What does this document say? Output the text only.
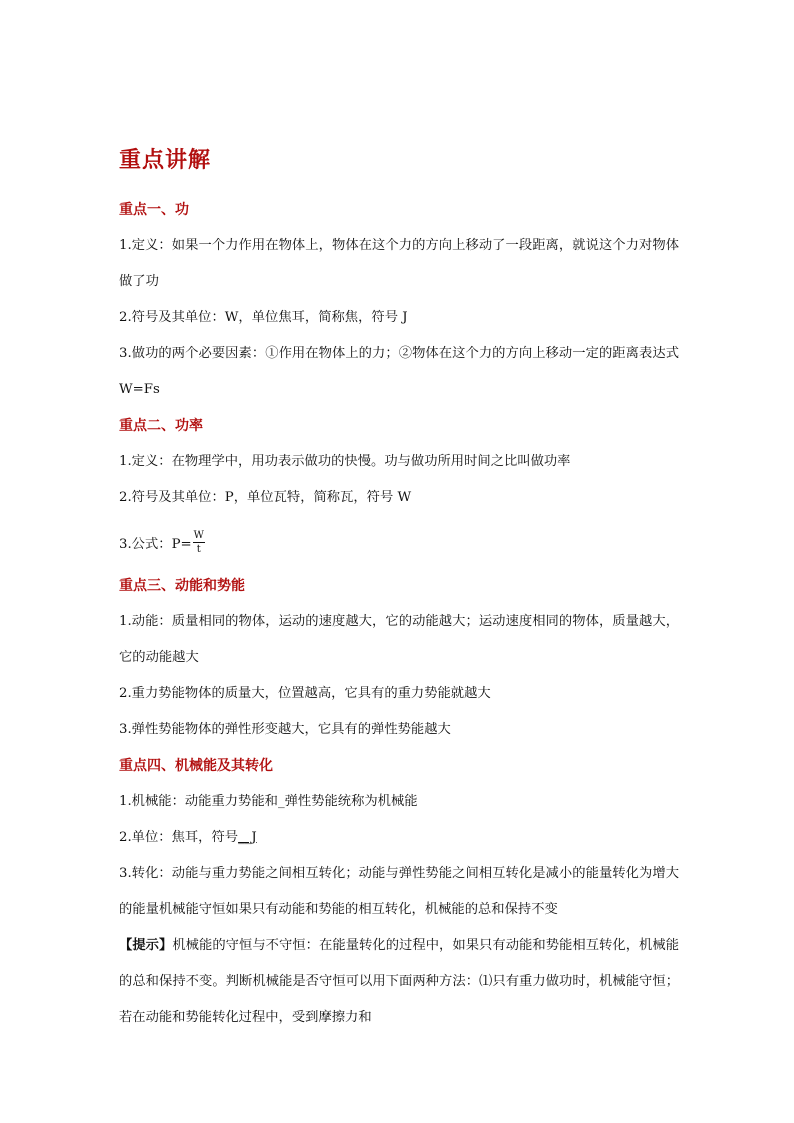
重点讲解

重点一、功

1.定义：如果一个力作用在物体上，物体在这个力的方向上移动了一段距离，就说这个力对物体做了功

2.符号及其单位：W，单位焦耳，简称焦，符号 J

3.做功的两个必要因素：①作用在物体上的力；②物体在这个力的方向上移动一定的距离表达式 W=Fs

重点二、功率

1.定义：在物理学中，用功表示做功的快慢。功与做功所用时间之比叫做功率

2.符号及其单位：P，单位瓦特，简称瓦，符号 W

3.公式：$P= \frac{W}{t}$

重点三、动能和势能

1.动能：质量相同的物体，运动的速度越大，它的动能越大；运动速度相同的物体，质量越大，它的动能越大

2.重力势能物体的质量大，位置越高，它具有的重力势能就越大

3.弹性势能物体的弹性形变越大，它具有的弹性势能越大

重点四、机械能及其转化

1.机械能：动能重力势能和_弹性势能统称为机械能

2.单位：焦耳，符号__J

3.转化：动能与重力势能之间相互转化；动能与弹性势能之间相互转化是减小的能量转化为增大的能量机械能守恒如果只有动能和势能的相互转化，机械能的总和保持不变

【提示】机械能的守恒与不守恒：在能量转化的过程中，如果只有动能和势能相互转化，机械能的总和保持不变。判断机械能是否守恒可以用下面两种方法：⑴只有重力做功时，机械能守恒；若在动能和势能转化过程中，受到摩擦力和
